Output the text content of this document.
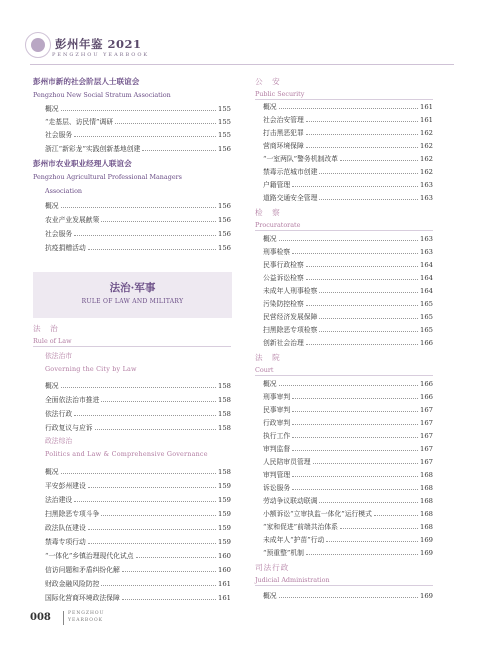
彭州年鉴 2021
PENGZHOU YEARBOOK
彭州市新的社会阶层人士联谊会
Pengzhou New Social Stratum Association
概况	155
“走基层、访民情”调研	155
社会服务	155
浙江“新彩龙”实践创新基地创建	156
彭州市农业职业经理人联谊会
Pengzhou Agricultural Professional Managers
Association
概况	156
农业产业发展献策	156
社会服务	156
抗疫捐赠活动	156
法治·军事
RULE OF LAW AND MILITARY
法　治
Rule of Law
依法治市
Governing the City by Law
概况	158
全面依法治市推进	158
依法行政	158
行政复议与应诉	158
政法综治
Politics and Law & Comprehensive Governance
概况	158
平安彭州建设	159
法治建设	159
扫黑除恶专项斗争	159
政法队伍建设	159
禁毒专项行动	159
“一体化”乡镇治理现代化试点	160
信访问题和矛盾纠纷化解	160
财政金融风险防控	161
国际化营商环境政法保障	161
公　安
Public Security
概况	161
社会治安管理	161
打击黑恶犯罪	162
营商环境保障	162
“一室两队”警务机制改革	162
禁毒示范城市创建	162
户籍管理	163
道路交通安全管理	163
检　察
Procuratorate
概况	163
刑事检察	163
民事行政检察	164
公益诉讼检察	164
未成年人刑事检察	164
污染防控检察	165
民营经济发展保障	165
扫黑除恶专项检察	165
创新社会治理	166
法　院
Court
概况	166
刑事审判	166
民事审判	167
行政审判	167
执行工作	167
审判监督	167
人民陪审员管理	167
审判管理	168
诉讼服务	168
劳动争议联动联调	168
小额诉讼“立审执监一体化”运行模式	168
“家和促进”前端共治体系	168
未成年人“护苗”行动	169
“预重整”机制	169
司法行政
Judicial Administration
概况	169
008	PENGZHOU
YEARBOOK
